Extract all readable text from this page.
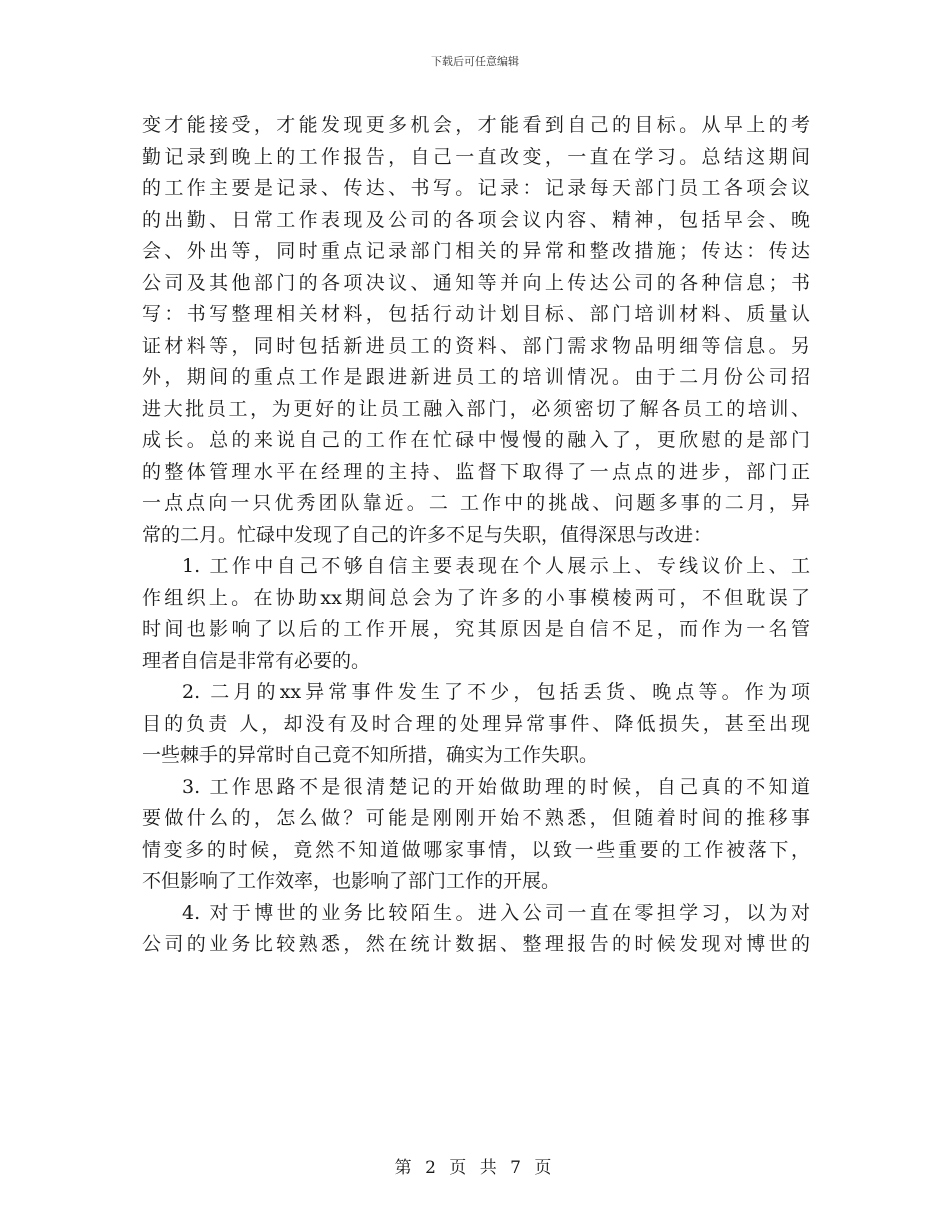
下载后可任意编辑
变才能接受，才能发现更多机会，才能看到自己的目标。从早上的考
勤记录到晚上的工作报告，自己一直改变，一直在学习。总结这期间
的工作主要是记录、传达、书写。记录：记录每天部门员工各项会议
的出勤、日常工作表现及公司的各项会议内容、精神，包括早会、晚
会、外出等，同时重点记录部门相关的异常和整改措施；传达：传达
公司及其他部门的各项决议、通知等并向上传达公司的各种信息；书
写：书写整理相关材料，包括行动计划目标、部门培训材料、质量认
证材料等，同时包括新进员工的资料、部门需求物品明细等信息。另
外，期间的重点工作是跟进新进员工的培训情况。由于二月份公司招
进大批员工，为更好的让员工融入部门，必须密切了解各员工的培训、
成长。总的来说自己的工作在忙碌中慢慢的融入了，更欣慰的是部门
的整体管理水平在经理的主持、监督下取得了一点点的进步，部门正
一点点向一只优秀团队靠近。二 工作中的挑战、问题多事的二月，异
常的二月。忙碌中发现了自己的许多不足与失职，值得深思与改进：
1. 工作中自己不够自信主要表现在个人展示上、专线议价上、工
作组织上。在协助xx期间总会为了许多的小事模棱两可，不但耽误了
时间也影响了以后的工作开展，究其原因是自信不足，而作为一名管
理者自信是非常有必要的。
2. 二月的xx异常事件发生了不少，包括丢货、晚点等。作为项
目的负责 人，却没有及时合理的处理异常事件、降低损失，甚至出现
一些棘手的异常时自己竟不知所措，确实为工作失职。
3. 工作思路不是很清楚记的开始做助理的时候，自己真的不知道
要做什么的，怎么做？可能是刚刚开始不熟悉，但随着时间的推移事
情变多的时候，竟然不知道做哪家事情，以致一些重要的工作被落下，
不但影响了工作效率，也影响了部门工作的开展。
4. 对于博世的业务比较陌生。进入公司一直在零担学习，以为对
公司的业务比较熟悉，然在统计数据、整理报告的时候发现对博世的
第 2 页 共 7 页
